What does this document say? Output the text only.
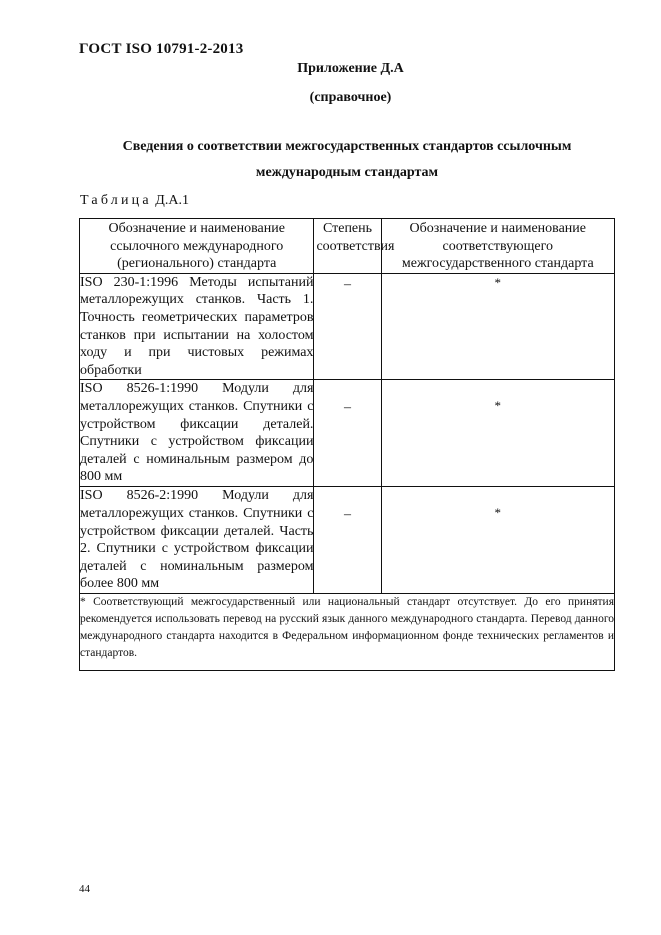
ГОСТ ISO 10791-2-2013
Приложение Д.А
(справочное)
Сведения о соответствии межгосударственных стандартов ссылочным
международным стандартам
Таблица Д.А.1
Обозначение и наименование ссылочного международного (регионального) стандарта	Степень соответствия	Обозначение и наименование соответствующего межгосударственного стандарта
ISO 230-1:1996 Методы испытаний металлорежущих станков. Часть 1. Точность геометрических параметров станков при испытании на холостом ходу и при чистовых режимах обработки	–	*

ISO 8526-1:1990 Модули для металлорежущих станков. Спутники с устройством фиксации деталей. Спутники с устройством фиксации деталей с номинальным размером до 800 мм	–	*

ISO 8526-2:1990 Модули для металлорежущих станков. Спутники с устройством фиксации деталей. Часть 2. Спутники с устройством фиксации деталей с номинальным размером более 800 мм	–	*

* Соответствующий межгосударственный или национальный стандарт отсутствует. До его принятия рекомендуется использовать перевод на русский язык данного международного стандарта. Перевод данного международного стандарта находится в Федеральном информационном фонде технических регламентов и стандартов.		
44
